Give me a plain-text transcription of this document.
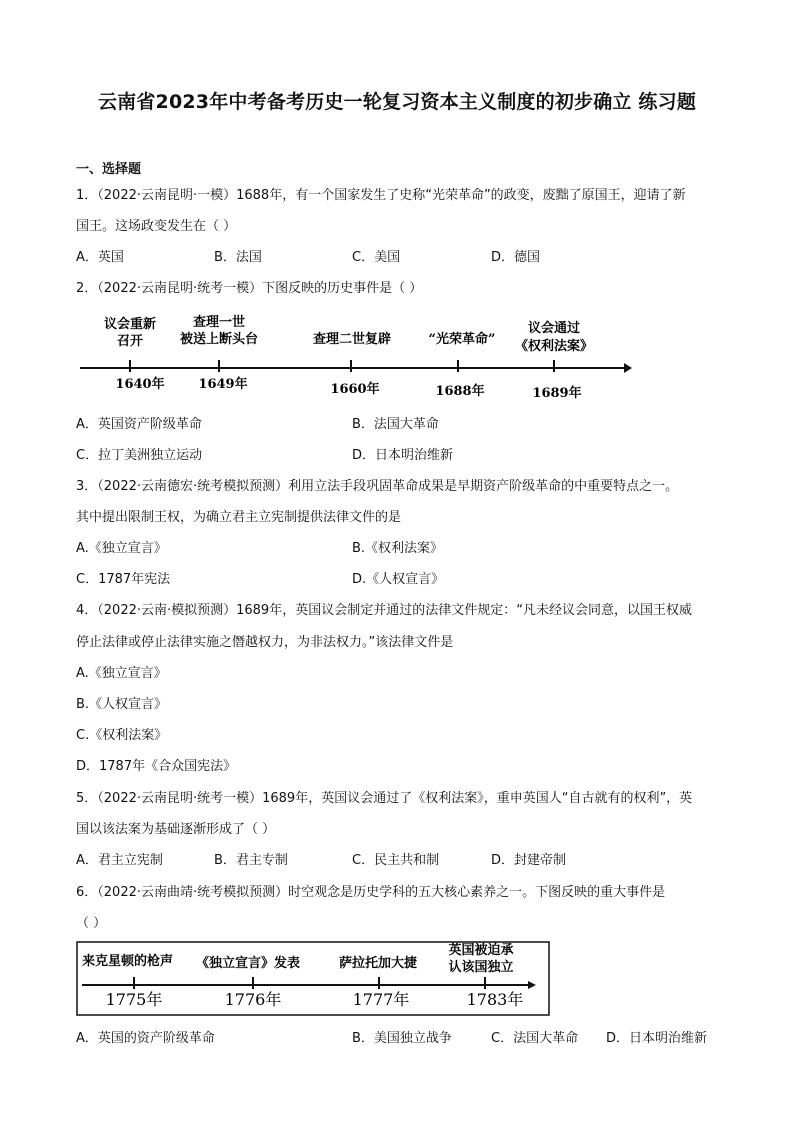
云南省2023年中考备考历史一轮复习资本主义制度的初步确立 练习题
一、选择题
1．（2022·云南昆明·一模）1688年，有一个国家发生了史称“光荣革命”的政变，废黜了原国王，迎请了新
国王。这场政变发生在（ ）
A．英国	B．法国	C．美国	D．德国
2．（2022·云南昆明·统考一模）下图反映的历史事件是（ ）
议会重新
召开
1640年
查理一世
被送上断头台
1649年
查理二世复辟
1660年
“光荣革命”
1688年
议会通过
《权利法案》
1689年
A．英国资产阶级革命	B．法国大革命
C．拉丁美洲独立运动	D．日本明治维新
3．（2022·云南德宏·统考模拟预测）利用立法手段巩固革命成果是早期资产阶级革命的中重要特点之一。
其中提出限制王权，为确立君主立宪制提供法律文件的是
A.《独立宣言》	B.《权利法案》
C．1787年宪法	D.《人权宣言》
4．（2022·云南·模拟预测）1689年，英国议会制定并通过的法律文件规定：“凡未经议会同意，以国王权威
停止法律或停止法律实施之僭越权力，为非法权力。”该法律文件是
A.《独立宣言》
B.《人权宣言》
C.《权利法案》
D．1787年《合众国宪法》
5．（2022·云南昆明·统考一模）1689年，英国议会通过了《权利法案》，重申英国人“自古就有的权利”，英
国以该法案为基础逐渐形成了（ ）
A．君主立宪制	B．君主专制	C．民主共和制	D．封建帝制
6．（2022·云南曲靖·统考模拟预测）时空观念是历史学科的五大核心素养之一。下图反映的重大事件是
（ ）
来克星顿的枪声
1775年
《独立宣言》发表
1776年
萨拉托加大捷
1777年
英国被迫承
认该国独立
1783年
A．英国的资产阶级革命	B．美国独立战争	C．法国大革命 D．日本明治维新
